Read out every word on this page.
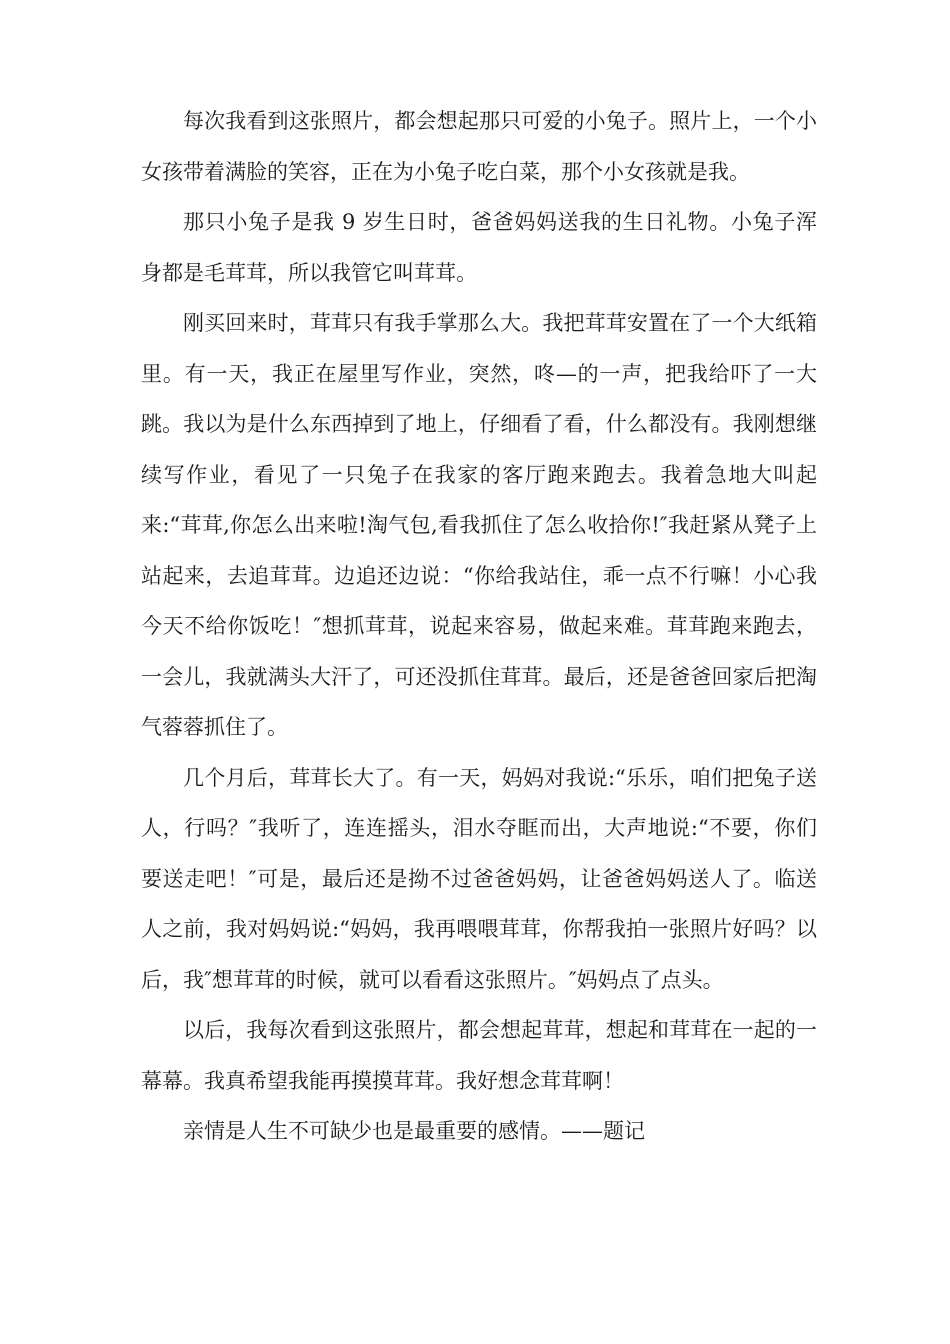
每次我看到这张照片，都会想起那只可爱的小兔子。照片上，一个小女孩带着满脸的笑容，正在为小兔子吃白菜，那个小女孩就是我。

那只小兔子是我 9 岁生日时，爸爸妈妈送我的生日礼物。小兔子浑身都是毛茸茸，所以我管它叫茸茸。

刚买回来时，茸茸只有我手掌那么大。我把茸茸安置在了一个大纸箱里。有一天，我正在屋里写作业，突然，咚—的一声，把我给吓了一大跳。我以为是什么东西掉到了地上，仔细看了看，什么都没有。我刚想继续写作业，看见了一只兔子在我家的客厅跑来跑去。我着急地大叫起来:“茸茸,你怎么出来啦!淘气包,看我抓住了怎么收拾你!″我赶紧从凳子上站起来，去追茸茸。边追还边说：“你给我站住，乖一点不行嘛！小心我今天不给你饭吃！″想抓茸茸，说起来容易，做起来难。茸茸跑来跑去，一会儿，我就满头大汗了，可还没抓住茸茸。最后，还是爸爸回家后把淘气蓉蓉抓住了。

几个月后，茸茸长大了。有一天，妈妈对我说:“乐乐，咱们把兔子送人，行吗？″我听了，连连摇头，泪水夺眶而出，大声地说:“不要，你们要送走吧！″可是，最后还是拗不过爸爸妈妈，让爸爸妈妈送人了。临送人之前，我对妈妈说:“妈妈，我再喂喂茸茸，你帮我拍一张照片好吗？以后，我″想茸茸的时候，就可以看看这张照片。″妈妈点了点头。

以后，我每次看到这张照片，都会想起茸茸，想起和茸茸在一起的一幕幕。我真希望我能再摸摸茸茸。我好想念茸茸啊！

亲情是人生不可缺少也是最重要的感情。——题记
